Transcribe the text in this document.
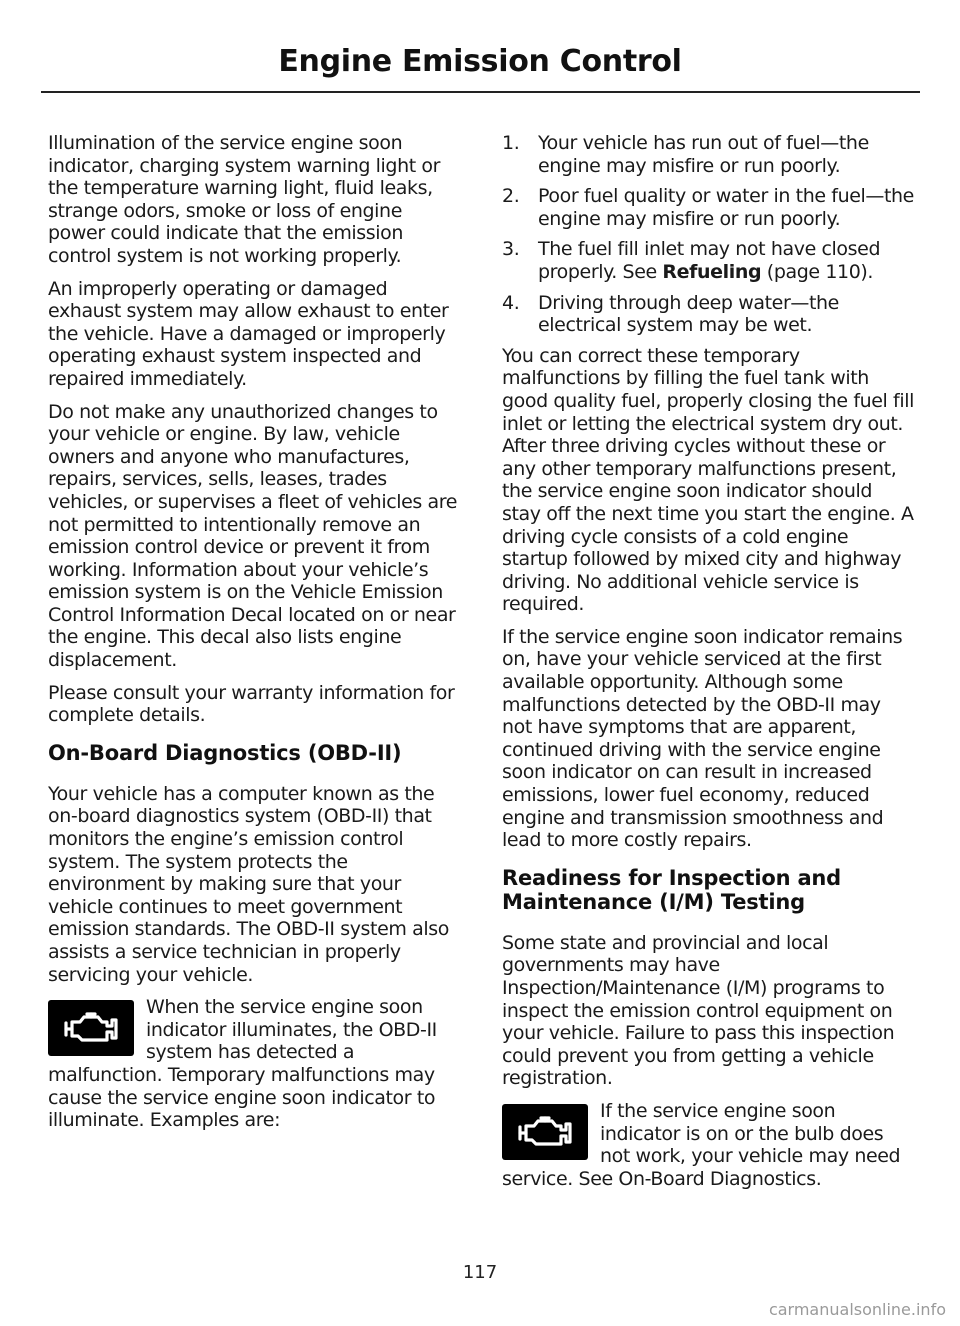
Engine Emission Control

Illumination of the service engine soon indicator, charging system warning light or the temperature warning light, fluid leaks, strange odors, smoke or loss of engine power could indicate that the emission control system is not working properly.

An improperly operating or damaged exhaust system may allow exhaust to enter the vehicle. Have a damaged or improperly operating exhaust system inspected and repaired immediately.

Do not make any unauthorized changes to your vehicle or engine. By law, vehicle owners and anyone who manufactures, repairs, services, sells, leases, trades vehicles, or supervises a fleet of vehicles are not permitted to intentionally remove an emission control device or prevent it from working. Information about your vehicle’s emission system is on the Vehicle Emission Control Information Decal located on or near the engine. This decal also lists engine displacement.

Please consult your warranty information for complete details.

On-Board Diagnostics (OBD-II)

Your vehicle has a computer known as the on-board diagnostics system (OBD-II) that monitors the engine’s emission control system. The system protects the environment by making sure that your vehicle continues to meet government emission standards. The OBD-II system also assists a service technician in properly servicing your vehicle.

When the service engine soon indicator illuminates, the OBD-II system has detected a malfunction. Temporary malfunctions may cause the service engine soon indicator to illuminate. Examples are:

1. Your vehicle has run out of fuel—the engine may misfire or run poorly.
2. Poor fuel quality or water in the fuel—the engine may misfire or run poorly.
3. The fuel fill inlet may not have closed properly. See Refueling (page 110).
4. Driving through deep water—the electrical system may be wet.

You can correct these temporary malfunctions by filling the fuel tank with good quality fuel, properly closing the fuel fill inlet or letting the electrical system dry out. After three driving cycles without these or any other temporary malfunctions present, the service engine soon indicator should stay off the next time you start the engine. A driving cycle consists of a cold engine startup followed by mixed city and highway driving. No additional vehicle service is required.

If the service engine soon indicator remains on, have your vehicle serviced at the first available opportunity. Although some malfunctions detected by the OBD-II may not have symptoms that are apparent, continued driving with the service engine soon indicator on can result in increased emissions, lower fuel economy, reduced engine and transmission smoothness and lead to more costly repairs.

Readiness for Inspection and Maintenance (I/M) Testing

Some state and provincial and local governments may have Inspection/Maintenance (I/M) programs to inspect the emission control equipment on your vehicle. Failure to pass this inspection could prevent you from getting a vehicle registration.

If the service engine soon indicator is on or the bulb does not work, your vehicle may need service. See On-Board Diagnostics.

117
carmanualsonline.info
